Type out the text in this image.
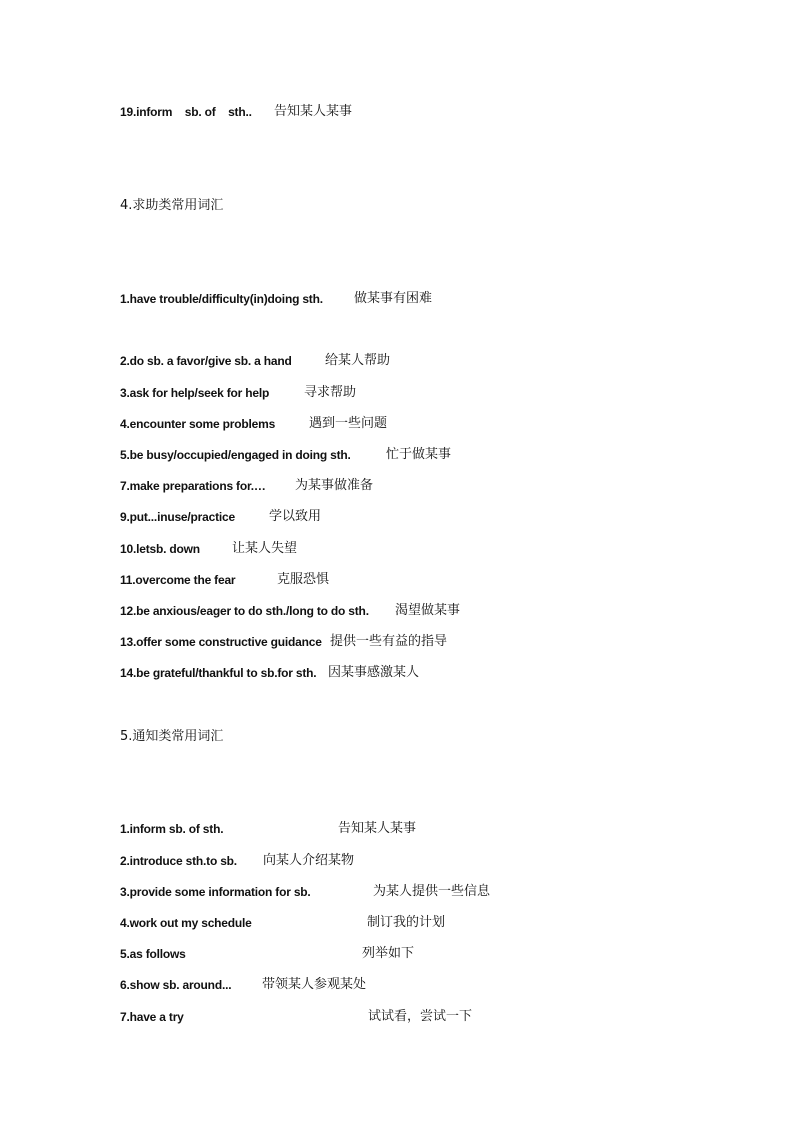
19.inform    sb. of    sth.. 告知某人某事
4.求助类常用词汇
1.have trouble/difficulty(in)doing sth. 做某事有困难
2.do sb. a favor/give sb. a hand	给某人帮助
3.ask for help/seek for help	寻求帮助
4.encounter some problems	遇到一些问题
5.be busy/occupied/engaged in doing sth.	忙于做某事
7.make preparations for.… 为某事做准备
9.put...inuse/practice	学以致用
10.letsb. down 让某人失望
11.overcome the fear	克服恐惧
12.be anxious/eager to do sth./long to do sth. 渴望做某事
13.offer some constructive guidance 提供一些有益的指导
14.be grateful/thankful to sb.for sth. 因某事感激某人
5.通知类常用词汇
1.inform sb. of sth.	告知某人某事
2.introduce sth.to sb. 向某人介绍某物
3.provide some information for sb.	为某人提供一些信息
4.work out my schedule	制订我的计划
5.as follows	列举如下
6.show sb. around... 带领某人参观某处
7.have a try	试试看，尝试一下
